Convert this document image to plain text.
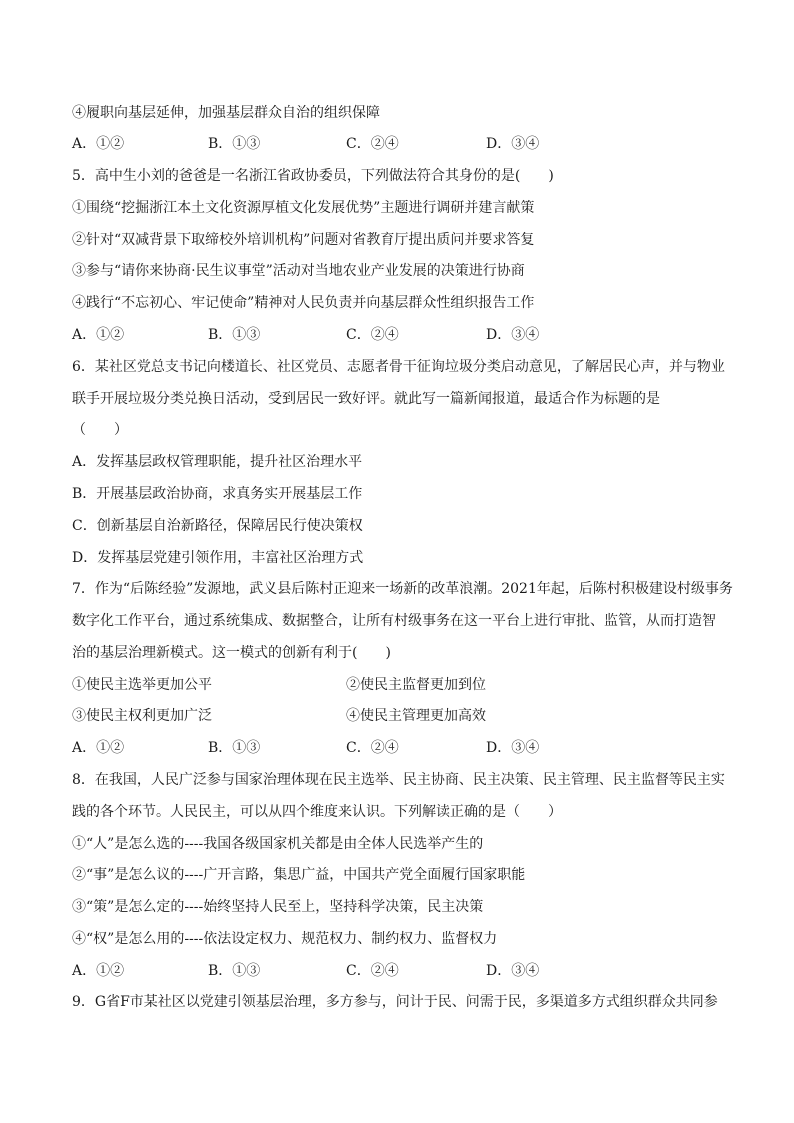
④履职向基层延伸，加强基层群众自治的组织保障
A．①②	B．①③	C．②④	D．③④
5．高中生小刘的爸爸是一名浙江省政协委员，下列做法符合其身份的是(　　)
①围绕“挖掘浙江本土文化资源厚植文化发展优势”主题进行调研并建言献策
②针对“双减背景下取缔校外培训机构”问题对省教育厅提出质问并要求答复
③参与“请你来协商·民生议事堂”活动对当地农业产业发展的决策进行协商
④践行“不忘初心、牢记使命”精神对人民负责并向基层群众性组织报告工作
A．①②	B．①③	C．②④	D．③④
6．某社区党总支书记向楼道长、社区党员、志愿者骨干征询垃圾分类启动意见，了解居民心声，并与物业
联手开展垃圾分类兑换日活动，受到居民一致好评。就此写一篇新闻报道，最适合作为标题的是
（　　）
A．发挥基层政权管理职能，提升社区治理水平
B．开展基层政治协商，求真务实开展基层工作
C．创新基层自治新路径，保障居民行使决策权
D．发挥基层党建引领作用，丰富社区治理方式
7．作为“后陈经验”发源地，武义县后陈村正迎来一场新的改革浪潮。2021年起，后陈村积极建设村级事务
数字化工作平台，通过系统集成、数据整合，让所有村级事务在这一平台上进行审批、监管，从而打造智
治的基层治理新模式。这一模式的创新有利于(　　)
①使民主选举更加公平	②使民主监督更加到位
③使民主权利更加广泛	④使民主管理更加高效
A．①②	B．①③	C．②④	D．③④
8．在我国，人民广泛参与国家治理体现在民主选举、民主协商、民主决策、民主管理、民主监督等民主实
践的各个环节。人民民主，可以从四个维度来认识。下列解读正确的是（　　）
①“人”是怎么选的----我国各级国家机关都是由全体人民选举产生的
②“事”是怎么议的----广开言路，集思广益，中国共产党全面履行国家职能
③“策”是怎么定的----始终坚持人民至上，坚持科学决策，民主决策
④“权”是怎么用的----依法设定权力、规范权力、制约权力、监督权力
A．①②	B．①③	C．②④	D．③④
9．G省F市某社区以党建引领基层治理，多方参与，问计于民、问需于民，多渠道多方式组织群众共同参
